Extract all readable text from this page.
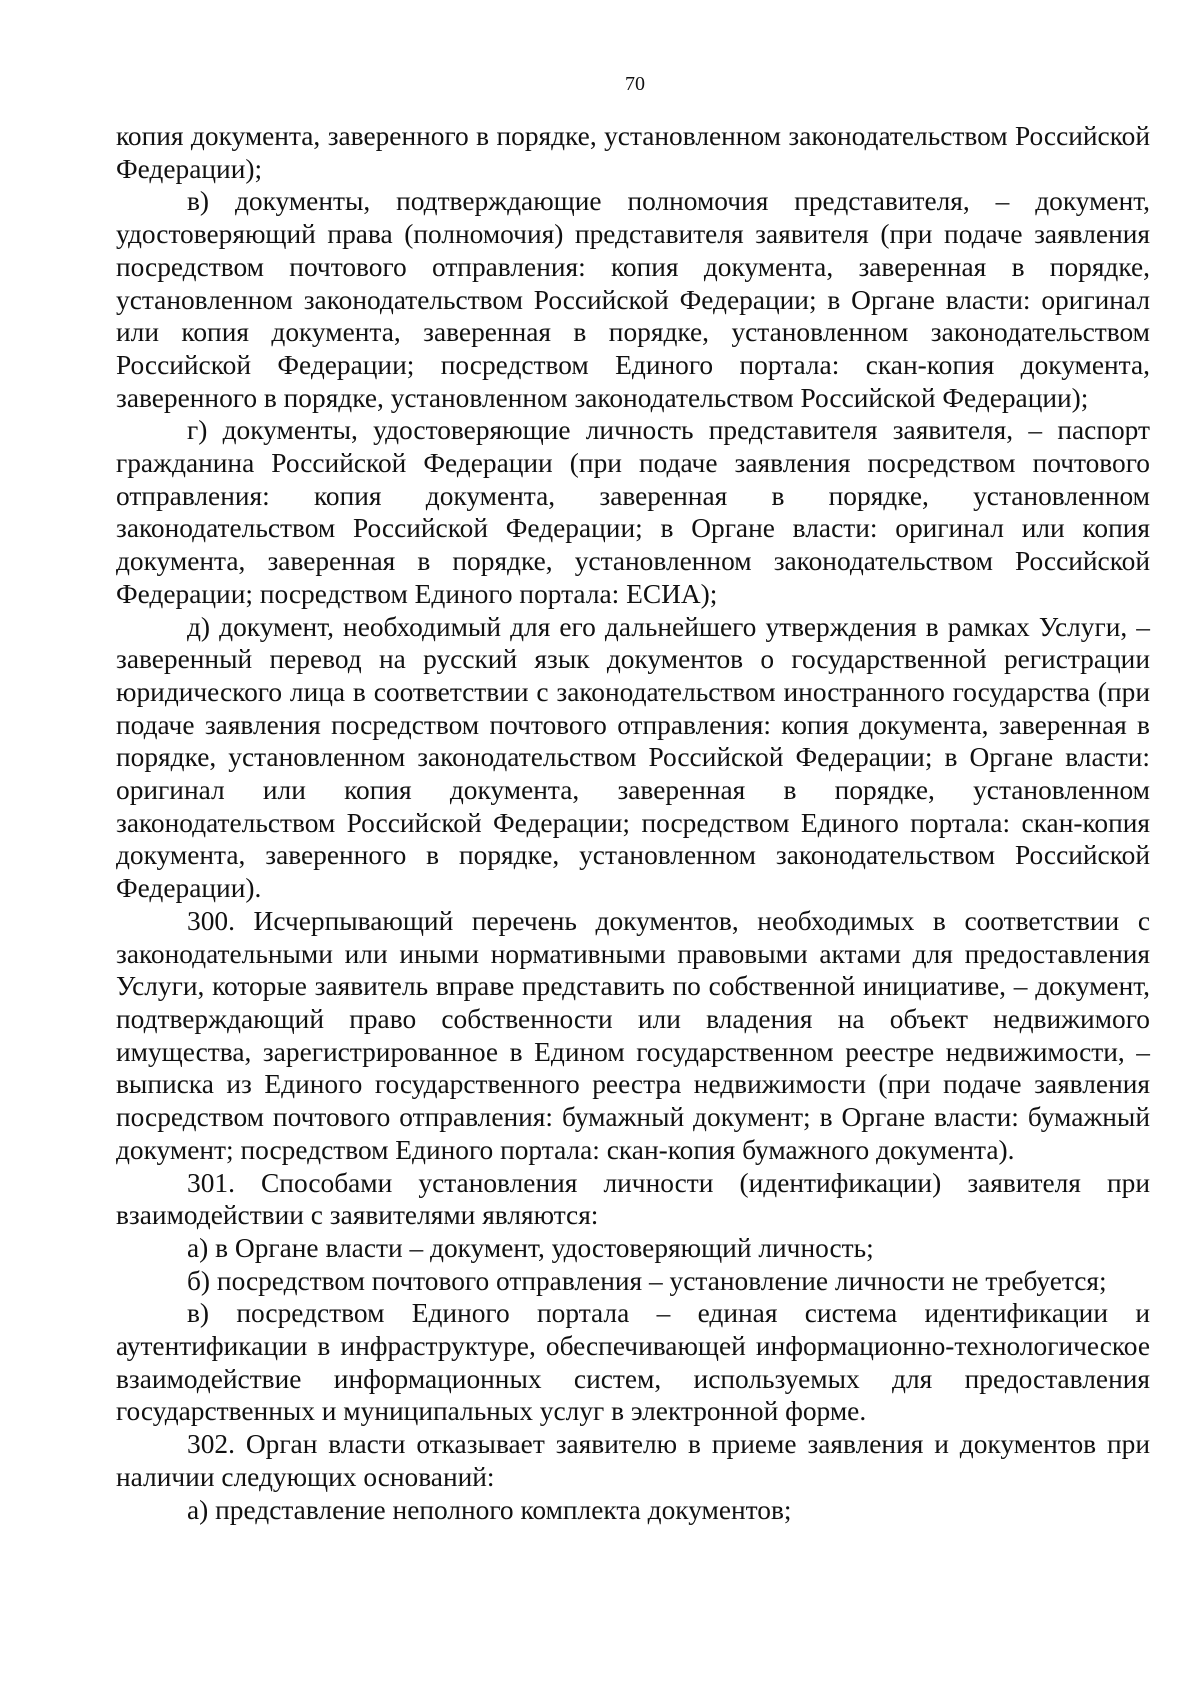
70

копия документа, заверенного в порядке, установленном законодательством Российской Федерации);

в) документы, подтверждающие полномочия представителя, – документ, удостоверяющий права (полномочия) представителя заявителя (при подаче заявления посредством почтового отправления: копия документа, заверенная в порядке, установленном законодательством Российской Федерации; в Органе власти: оригинал или копия документа, заверенная в порядке, установленном законодательством Российской Федерации; посредством Единого портала: скан-копия документа, заверенного в порядке, установленном законодательством Российской Федерации);

г) документы, удостоверяющие личность представителя заявителя, – паспорт гражданина Российской Федерации (при подаче заявления посредством почтового отправления: копия документа, заверенная в порядке, установленном законодательством Российской Федерации; в Органе власти: оригинал или копия документа, заверенная в порядке, установленном законодательством Российской Федерации; посредством Единого портала: ЕСИА);

д) документ, необходимый для его дальнейшего утверждения в рамках Услуги, – заверенный перевод на русский язык документов о государственной регистрации юридического лица в соответствии с законодательством иностранного государства (при подаче заявления посредством почтового отправления: копия документа, заверенная в порядке, установленном законодательством Российской Федерации; в Органе власти: оригинал или копия документа, заверенная в порядке, установленном законодательством Российской Федерации; посредством Единого портала: скан-копия документа, заверенного в порядке, установленном законодательством Российской Федерации).

300. Исчерпывающий перечень документов, необходимых в соответствии с законодательными или иными нормативными правовыми актами для предоставления Услуги, которые заявитель вправе представить по собственной инициативе, – документ, подтверждающий право собственности или владения на объект недвижимого имущества, зарегистрированное в Едином государственном реестре недвижимости, – выписка из Единого государственного реестра недвижимости (при подаче заявления посредством почтового отправления: бумажный документ; в Органе власти: бумажный документ; посредством Единого портала: скан-копия бумажного документа).

301. Способами установления личности (идентификации) заявителя при взаимодействии с заявителями являются:

а) в Органе власти – документ, удостоверяющий личность;

б) посредством почтового отправления – установление личности не требуется;

в) посредством Единого портала – единая система идентификации и аутентификации в инфраструктуре, обеспечивающей информационно-технологическое взаимодействие информационных систем, используемых для предоставления государственных и муниципальных услуг в электронной форме.

302. Орган власти отказывает заявителю в приеме заявления и документов при наличии следующих оснований:

а) представление неполного комплекта документов;
